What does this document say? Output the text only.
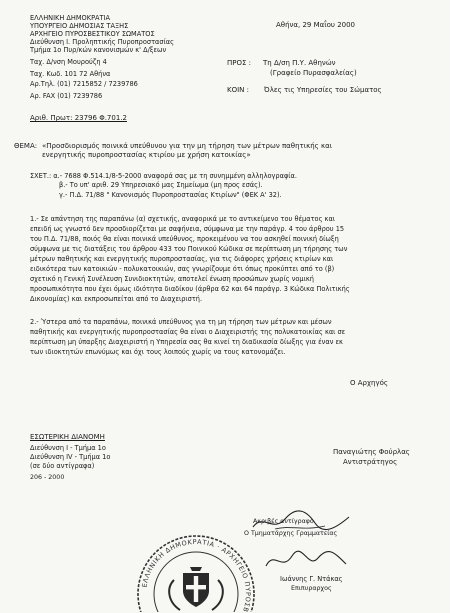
ΕΛΛΗΝΙΚΗ ΔΗΜΟΚΡΑΤΙΑ
ΥΠΟΥΡΓΕΙΟ ΔΗΜΟΣΙΑΣ ΤΑΞΗΣ
ΑΡΧΗΓΕΙΟ ΠΥΡΟΣΒΕΣΤΙΚΟΥ ΣΩΜΑΤΟΣ
Διεύθυνση Ι. Προληπτικής Πυροπροστασίας
Τμήμα 1ο Πυρ/κών κανονισμών κ' Δ/ξεων
Ταχ. Δ/νση Μουρούζη 4
Ταχ. Κωδ. 101 72 Αθήνα
Αρ.Τηλ. (01) 7215852 / 7239786
Αρ. FAX (01) 7239786
Αθήνα, 29 Μαΐου 2000
ΠΡΟΣ : Τη Δ/ση Π.Υ. Αθηνών
(Γραφείο Πυρασφαλείας)
ΚΟΙΝ : Όλες τις Υπηρεσίες του Σώματος
Αριθ. Πρωτ: 23796 Φ.701.2
ΘΕΜΑ: «Προσδιορισμός ποινικά υπεύθυνου για την μη τήρηση των μέτρων παθητικής και
ενεργητικής πυροπροστασίας κτιρίου με χρήση κατοικίας»
ΣΧΕΤ.: α.- 7688 Φ.514.1/8-5-2000 αναφορά σας με τη συνημμένη αλληλογραφία.
β.- Το υπ' αριθ. 29 Υπηρεσιακό μας Σημείωμα (μη προς εσάς).
γ.- Π.Δ. 71/88 " Κανονισμός Πυροπροστασίας Κτιρίων" (ΦΕΚ Α' 32).
1.- Σε απάντηση της παραπάνω (α) σχετικής, αναφορικά με το αντικείμενο του θέματος και
επειδή ως γνωστό δεν προσδιορίζεται με σαφήνεια, σύμφωνα με την παράγρ. 4 του άρθρου 15
του Π.Δ. 71/88, ποιός θα είναι ποινικά υπεύθυνος, προκειμένου να του ασκηθεί ποινική δίωξη
σύμφωνα με τις διατάξεις του άρθρου 433 του Ποινικού Κώδικα σε περίπτωση μη τήρησης των
μέτρων παθητικής και ενεργητικής πυροπροστασίας, για τις διάφορες χρήσεις κτιρίων και
ειδικότερα των κατοικιών - πολυκατοικιών, σας γνωρίζουμε ότι όπως προκύπτει από το (β)
σχετικό η Γενική Συνέλευση Συνιδιοκτητών, αποτελεί ένωση προσώπων χωρίς νομική
προσωπικότητα που έχει όμως ιδιότητα διαδίκου (άρθρα 62 και 64 παράγρ. 3 Κώδικα Πολιτικής
Δικονομίας) και εκπροσωπείται από το Διαχειριστή.
2.- Ύστερα από τα παραπάνω, ποινικά υπεύθυνος για τη μη τήρηση των μέτρων και μέσων
παθητικής και ενεργητικής πυροπροστασίας θα είναι ο Διαχειριστής της πολυκατοικίας και σε
περίπτωση μη ύπαρξης Διαχειριστή η Υπηρεσία σας θα κινεί τη διαδικασία δίωξης για έναν εκ
των ιδιοκτητών επωνύμως και όχι τους λοιπούς χωρίς να τους κατονομάζει.
Ο Αρχηγός
ΕΣΩΤΕΡΙΚΗ ΔΙΑΝΟΜΗ
Διεύθυνση Ι - Τμήμα 1ο
Διεύθυνση IV - Τμήμα 1ο
(σε δύο αντίγραφα)
206 - 2000
Παναγιώτης Φούρλας
Αντιστράτηγος
Ακριβές αντίγραφο
Ο Τμηματάρχης Γραμματείας
Ιωάννης Γ. Ντάκας
Επιπυραρχος
ΕΛΛΗΝΙΚΗ ΔΗΜΟΚΡΑΤΙΑ · ΑΡΧΗΓΕΙΟ ΠΥΡΟΣΒ
